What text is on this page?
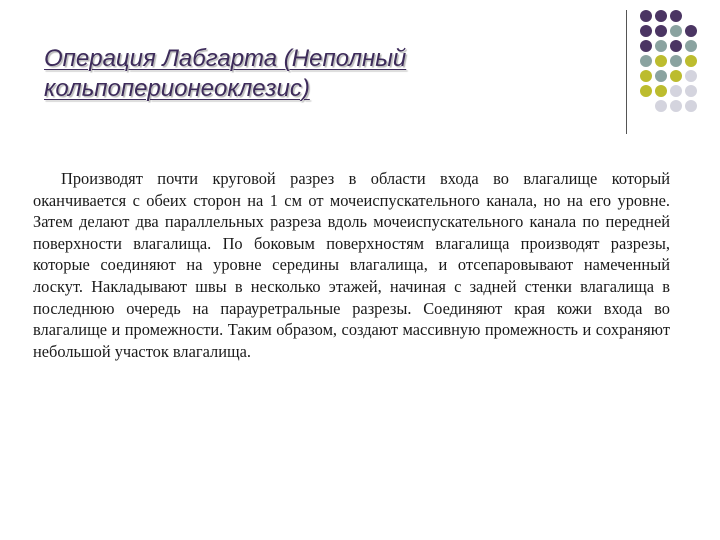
Операция Лабгарта (Неполный кольпопериoнеоклезис)

Производят почти круговой разрез в области входа во влагалище который оканчивается с обеих сторон на 1 см от мочеиспускательного канала, но на его уровне. Затем делают два параллельных разреза вдоль мочеиспускательного канала по передней поверхности влагалища. По боковым поверхностям влагалища производят разрезы, которые соединяют на уровне середины влагалища, и отсепаровывают намеченный лоскут. Накладывают швы в несколько этажей, начиная с задней стенки влагалища в последнюю очередь на парауретральные разрезы. Соединяют края кожи входа во влагалище и промежности. Таким образом, создают массивную промежность и сохраняют небольшой участок влагалища.
